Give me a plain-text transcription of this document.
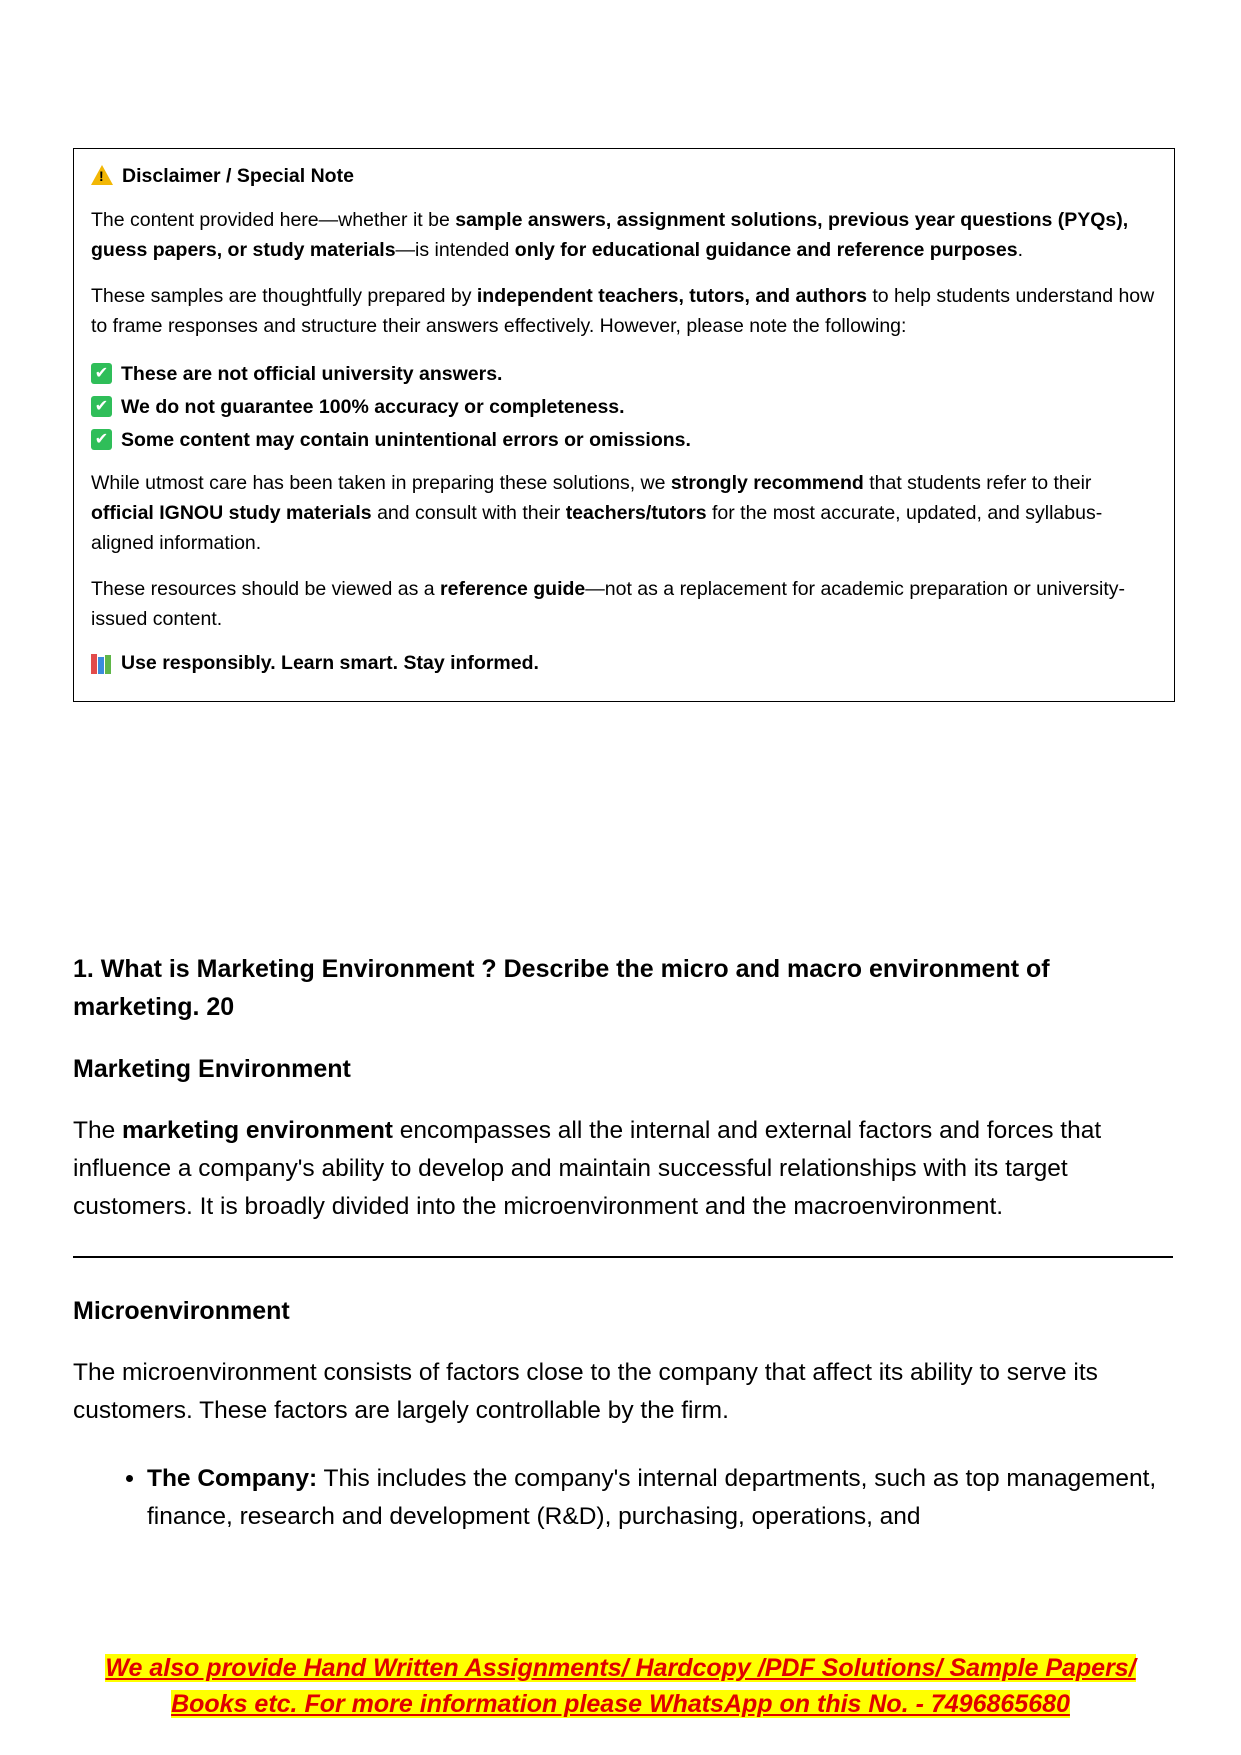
!
Disclaimer / Special Note

The content provided here—whether it be sample answers, assignment solutions, previous year questions (PYQs), guess papers, or study materials—is intended only for educational guidance and reference purposes.

These samples are thoughtfully prepared by independent teachers, tutors, and authors to help students understand how to frame responses and structure their answers effectively. However, please note the following:

✔ These are not official university answers.
✔ We do not guarantee 100% accuracy or completeness.
✔ Some content may contain unintentional errors or omissions.

While utmost care has been taken in preparing these solutions, we strongly recommend that students refer to their official IGNOU study materials and consult with their teachers/tutors for the most accurate, updated, and syllabus-aligned information.

These resources should be viewed as a reference guide—not as a replacement for academic preparation or university-issued content.

Use responsibly. Learn smart. Stay informed.

1. What is Marketing Environment ? Describe the micro and macro environment of marketing. 20

Marketing Environment

The marketing environment encompasses all the internal and external factors and forces that influence a company's ability to develop and maintain successful relationships with its target customers. It is broadly divided into the microenvironment and the macroenvironment.

Microenvironment

The microenvironment consists of factors close to the company that affect its ability to serve its customers. These factors are largely controllable by the firm.

• The Company: This includes the company's internal departments, such as top management, finance, research and development (R&D), purchasing, operations, and
We also provide Hand Written Assignments/ Hardcopy /PDF Solutions/ Sample Papers/
Books etc. For more information please WhatsApp on this No. - 7496865680
